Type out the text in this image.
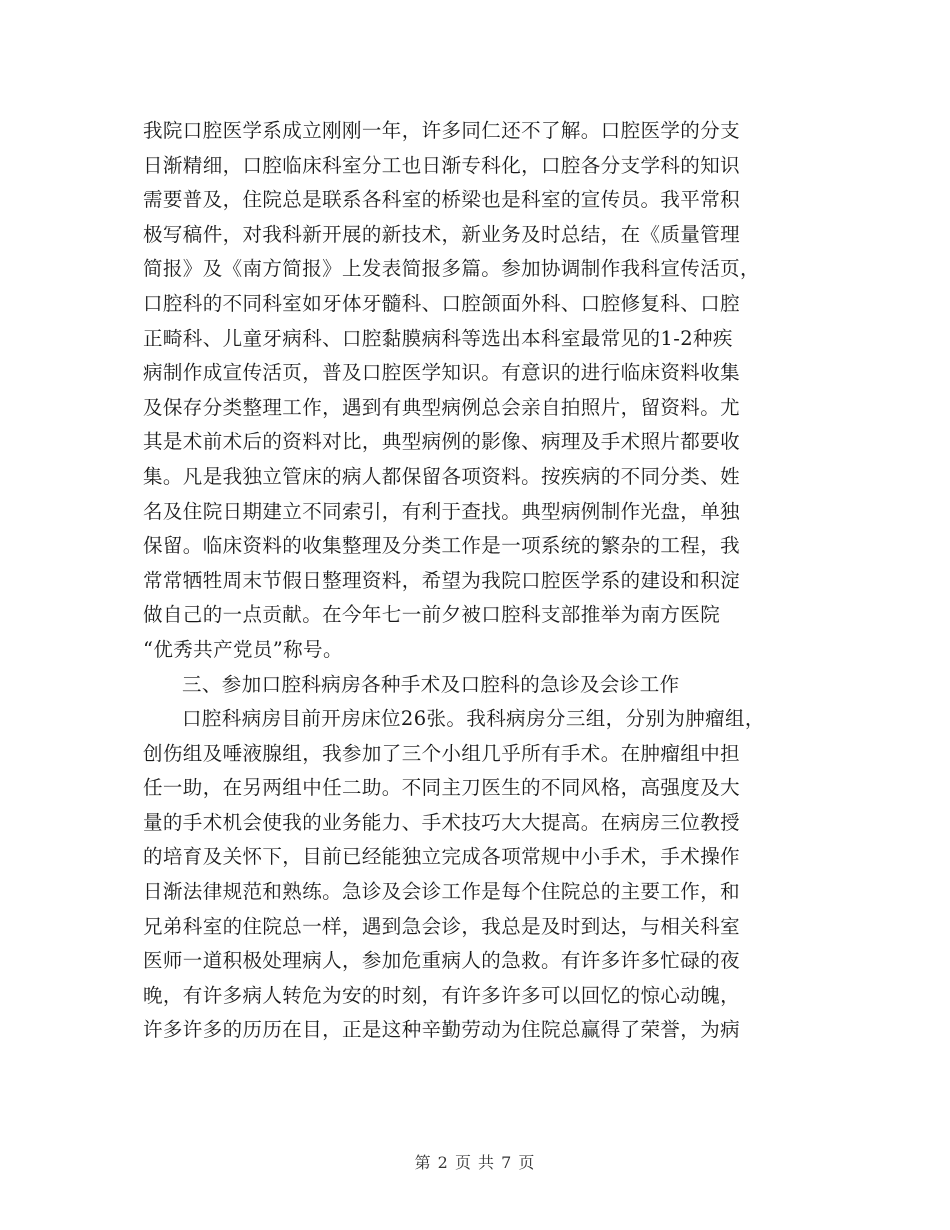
我院口腔医学系成立刚刚一年，许多同仁还不了解。口腔医学的分支
日渐精细，口腔临床科室分工也日渐专科化，口腔各分支学科的知识
需要普及，住院总是联系各科室的桥梁也是科室的宣传员。我平常积
极写稿件，对我科新开展的新技术，新业务及时总结，在《质量管理
简报》及《南方简报》上发表简报多篇。参加协调制作我科宣传活页，
口腔科的不同科室如牙体牙髓科、口腔颌面外科、口腔修复科、口腔
正畸科、儿童牙病科、口腔黏膜病科等选出本科室最常见的1-2种疾
病制作成宣传活页，普及口腔医学知识。有意识的进行临床资料收集
及保存分类整理工作，遇到有典型病例总会亲自拍照片，留资料。尤
其是术前术后的资料对比，典型病例的影像、病理及手术照片都要收
集。凡是我独立管床的病人都保留各项资料。按疾病的不同分类、姓
名及住院日期建立不同索引，有利于查找。典型病例制作光盘，单独
保留。临床资料的收集整理及分类工作是一项系统的繁杂的工程，我
常常牺牲周末节假日整理资料，希望为我院口腔医学系的建设和积淀
做自己的一点贡献。在今年七一前夕被口腔科支部推举为南方医院
“优秀共产党员”称号。
三、参加口腔科病房各种手术及口腔科的急诊及会诊工作
口腔科病房目前开房床位26张。我科病房分三组，分别为肿瘤组，
创伤组及唾液腺组，我参加了三个小组几乎所有手术。在肿瘤组中担
任一助，在另两组中任二助。不同主刀医生的不同风格，高强度及大
量的手术机会使我的业务能力、手术技巧大大提高。在病房三位教授
的培育及关怀下，目前已经能独立完成各项常规中小手术，手术操作
日渐法律规范和熟练。急诊及会诊工作是每个住院总的主要工作，和
兄弟科室的住院总一样，遇到急会诊，我总是及时到达，与相关科室
医师一道积极处理病人，参加危重病人的急救。有许多许多忙碌的夜
晚，有许多病人转危为安的时刻，有许多许多可以回忆的惊心动魄，
许多许多的历历在目，正是这种辛勤劳动为住院总赢得了荣誉，为病
第 2 页 共 7 页
